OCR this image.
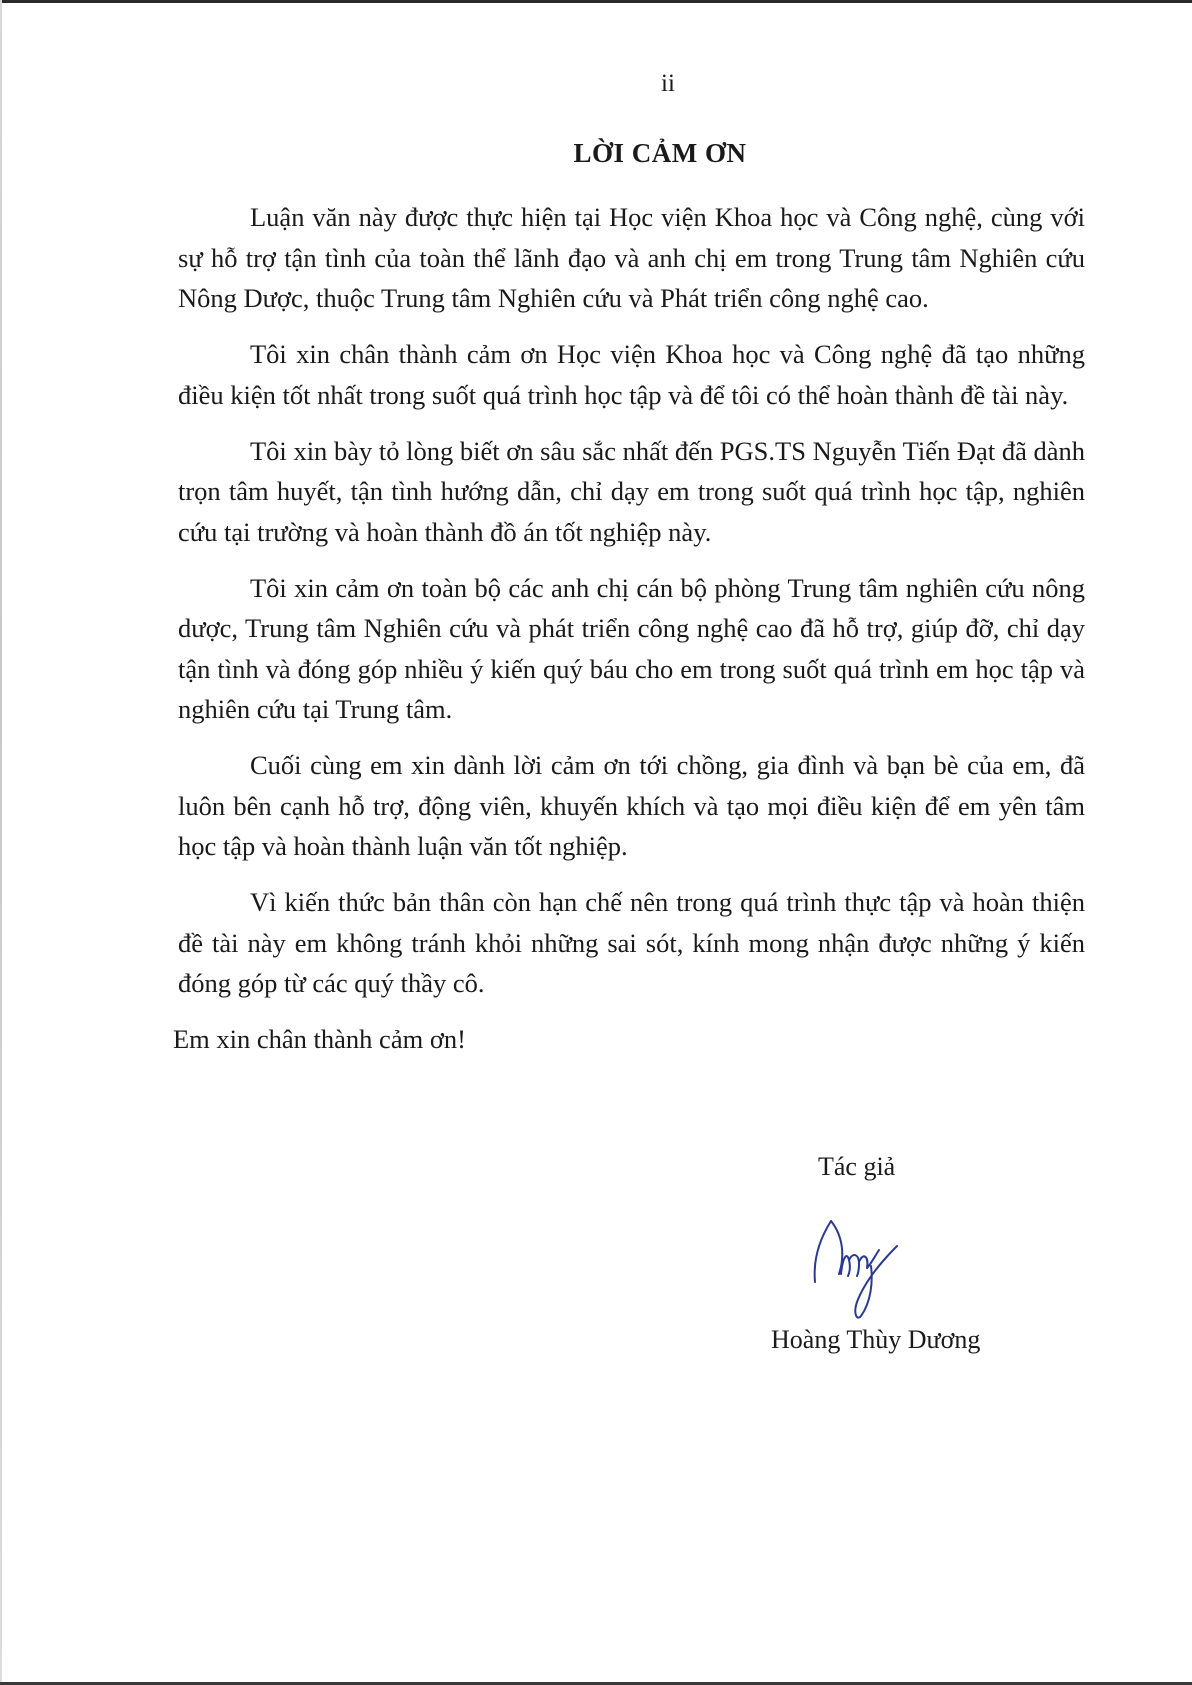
ii
LỜI CẢM ƠN

Luận văn này được thực hiện tại Học viện Khoa học và Công nghệ, cùng với sự hỗ trợ tận tình của toàn thể lãnh đạo và anh chị em trong Trung tâm Nghiên cứu Nông Dược, thuộc Trung tâm Nghiên cứu và Phát triển công nghệ cao.

Tôi xin chân thành cảm ơn Học viện Khoa học và Công nghệ đã tạo những điều kiện tốt nhất trong suốt quá trình học tập và để tôi có thể hoàn thành đề tài này.

Tôi xin bày tỏ lòng biết ơn sâu sắc nhất đến PGS.TS Nguyễn Tiến Đạt đã dành trọn tâm huyết, tận tình hướng dẫn, chỉ dạy em trong suốt quá trình học tập, nghiên cứu tại trường và hoàn thành đồ án tốt nghiệp này.

Tôi xin cảm ơn toàn bộ các anh chị cán bộ phòng Trung tâm nghiên cứu nông dược, Trung tâm Nghiên cứu và phát triển công nghệ cao đã hỗ trợ, giúp đỡ, chỉ dạy tận tình và đóng góp nhiều ý kiến quý báu cho em trong suốt quá trình em học tập và nghiên cứu tại Trung tâm.

Cuối cùng em xin dành lời cảm ơn tới chồng, gia đình và bạn bè của em, đã luôn bên cạnh hỗ trợ, động viên, khuyến khích và tạo mọi điều kiện để em yên tâm học tập và hoàn thành luận văn tốt nghiệp.

Vì kiến thức bản thân còn hạn chế nên trong quá trình thực tập và hoàn thiện đề tài này em không tránh khỏi những sai sót, kính mong nhận được những ý kiến đóng góp từ các quý thầy cô.

Em xin chân thành cảm ơn!

Tác giả
Hoàng Thùy Dương
